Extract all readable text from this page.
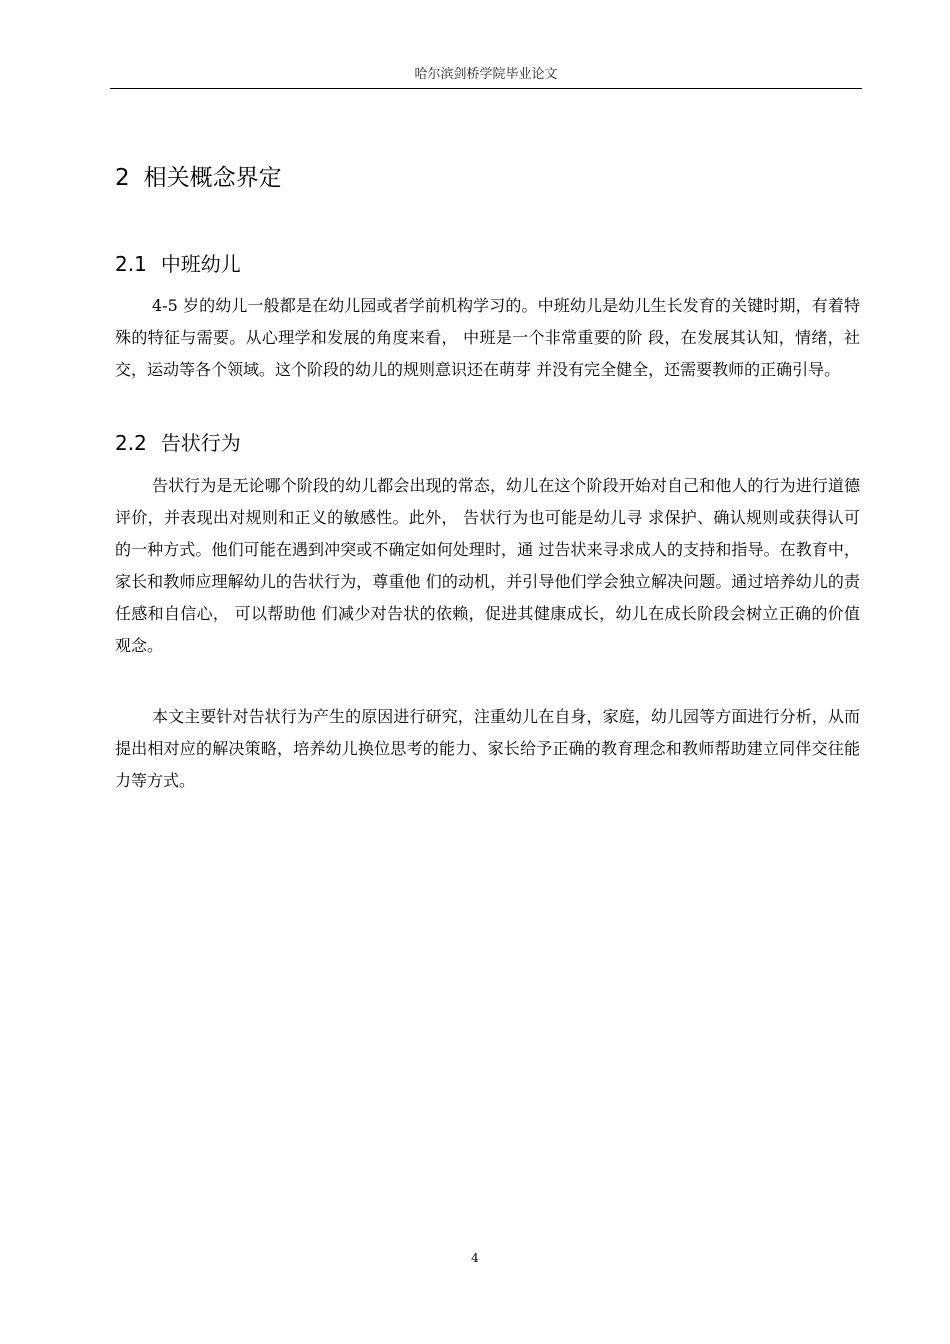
哈尔滨剑桥学院毕业论文
2 相关概念界定
2.1 中班幼儿

4-5 岁的幼儿一般都是在幼儿园或者学前机构学习的。中班幼儿是幼儿生长发育的关键时期，有着特殊的特征与需要。从心理学和发展的角度来看， 中班是一个非常重要的阶 段，在发展其认知，情绪，社交，运动等各个领域。这个阶段的幼儿的规则意识还在萌芽 并没有完全健全，还需要教师的正确引导。

2.2 告状行为

告状行为是无论哪个阶段的幼儿都会出现的常态，幼儿在这个阶段开始对自己和他人的行为进行道德评价，并表现出对规则和正义的敏感性。此外， 告状行为也可能是幼儿寻 求保护、确认规则或获得认可的一种方式。他们可能在遇到冲突或不确定如何处理时，通 过告状来寻求成人的支持和指导。在教育中， 家长和教师应理解幼儿的告状行为，尊重他 们的动机，并引导他们学会独立解决问题。通过培养幼儿的责任感和自信心， 可以帮助他 们减少对告状的依赖，促进其健康成长，幼儿在成长阶段会树立正确的价值观念。

本文主要针对告状行为产生的原因进行研究，注重幼儿在自身，家庭，幼儿园等方面进行分析，从而提出相对应的解决策略，培养幼儿换位思考的能力、家长给予正确的教育理念和教师帮助建立同伴交往能力等方式。

4
